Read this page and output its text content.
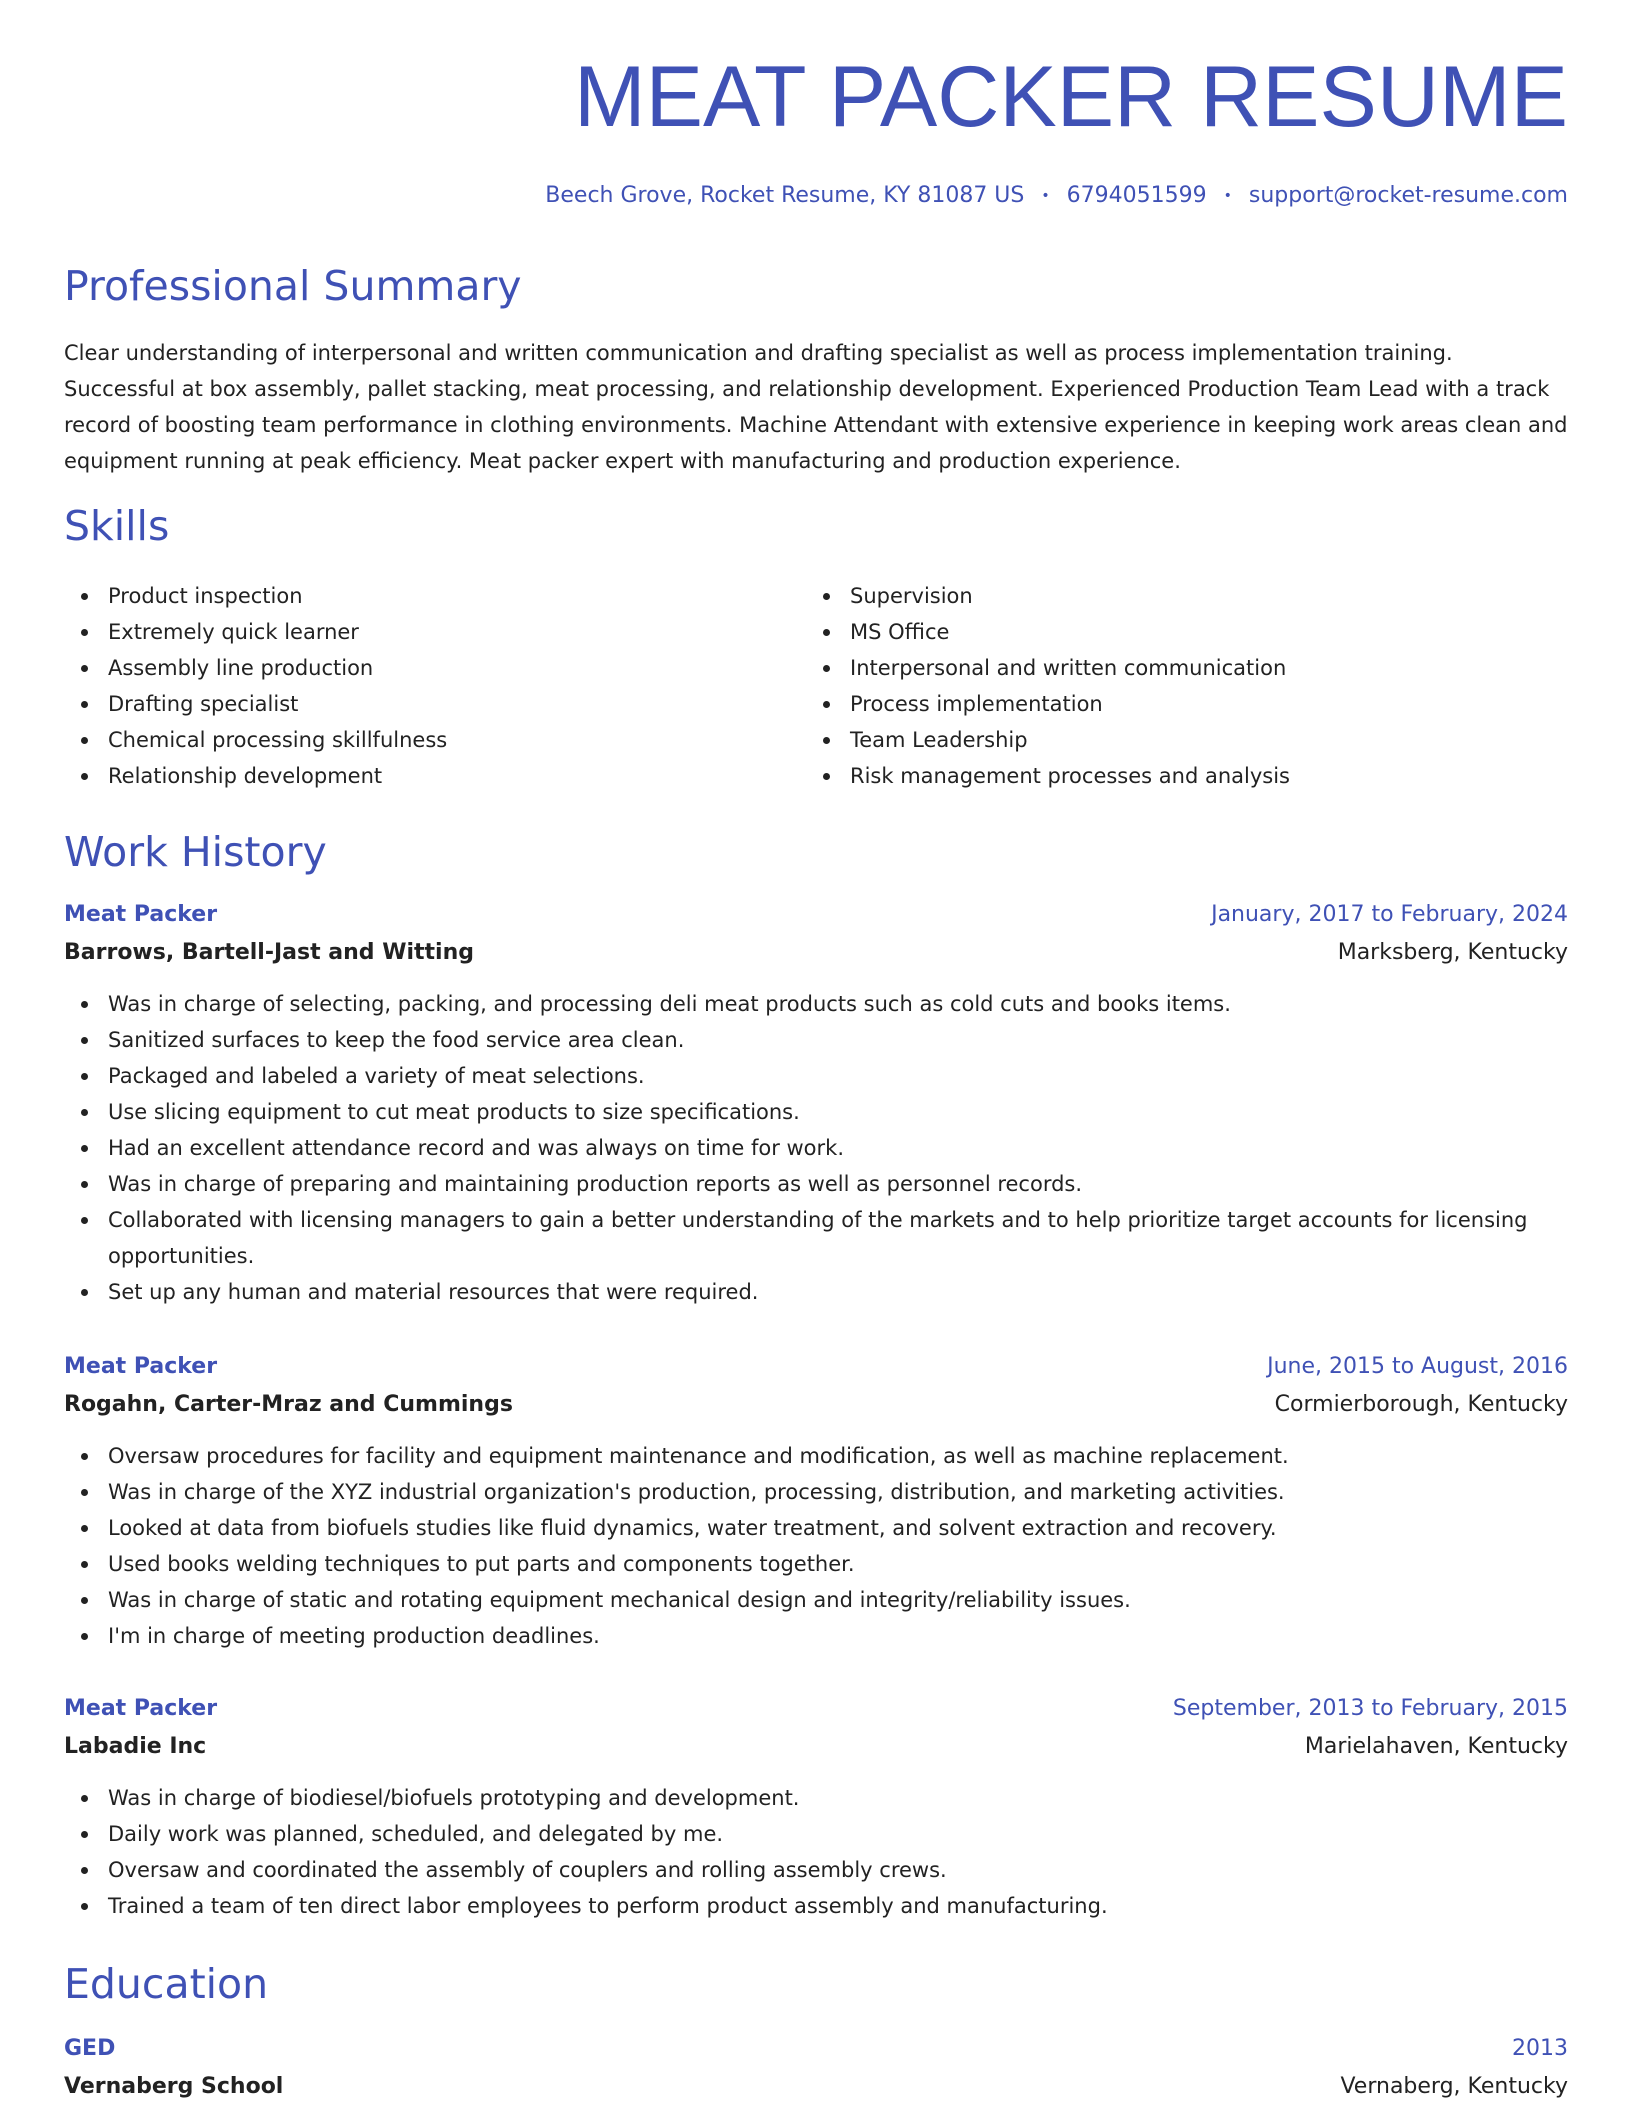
MEAT PACKER RESUME
Beech Grove, Rocket Resume, KY 81087 US • 6794051599 • support@rocket-resume.com
Professional Summary
Clear understanding of interpersonal and written communication and drafting specialist as well as process implementation training. Successful at box assembly, pallet stacking, meat processing, and relationship development. Experienced Production Team Lead with a track record of boosting team performance in clothing environments. Machine Attendant with extensive experience in keeping work areas clean and equipment running at peak efficiency. Meat packer expert with manufacturing and production experience.
Skills
Product inspection
Extremely quick learner
Assembly line production
Drafting specialist
Chemical processing skillfulness
Relationship development
Supervision
MS Office
Interpersonal and written communication
Process implementation
Team Leadership
Risk management processes and analysis
Work History
Meat Packer	January, 2017 to February, 2024
Barrows, Bartell-Jast and Witting	Marksberg, Kentucky
Was in charge of selecting, packing, and processing deli meat products such as cold cuts and books items.
Sanitized surfaces to keep the food service area clean.
Packaged and labeled a variety of meat selections.
Use slicing equipment to cut meat products to size specifications.
Had an excellent attendance record and was always on time for work.
Was in charge of preparing and maintaining production reports as well as personnel records.
Collaborated with licensing managers to gain a better understanding of the markets and to help prioritize target accounts for licensing opportunities.
Set up any human and material resources that were required.
Meat Packer	June, 2015 to August, 2016
Rogahn, Carter-Mraz and Cummings	Cormierborough, Kentucky
Oversaw procedures for facility and equipment maintenance and modification, as well as machine replacement.
Was in charge of the XYZ industrial organization's production, processing, distribution, and marketing activities.
Looked at data from biofuels studies like fluid dynamics, water treatment, and solvent extraction and recovery.
Used books welding techniques to put parts and components together.
Was in charge of static and rotating equipment mechanical design and integrity/reliability issues.
I'm in charge of meeting production deadlines.
Meat Packer	September, 2013 to February, 2015
Labadie Inc	Marielahaven, Kentucky
Was in charge of biodiesel/biofuels prototyping and development.
Daily work was planned, scheduled, and delegated by me.
Oversaw and coordinated the assembly of couplers and rolling assembly crews.
Trained a team of ten direct labor employees to perform product assembly and manufacturing.
Education
GED	2013
Vernaberg School	Vernaberg, Kentucky
